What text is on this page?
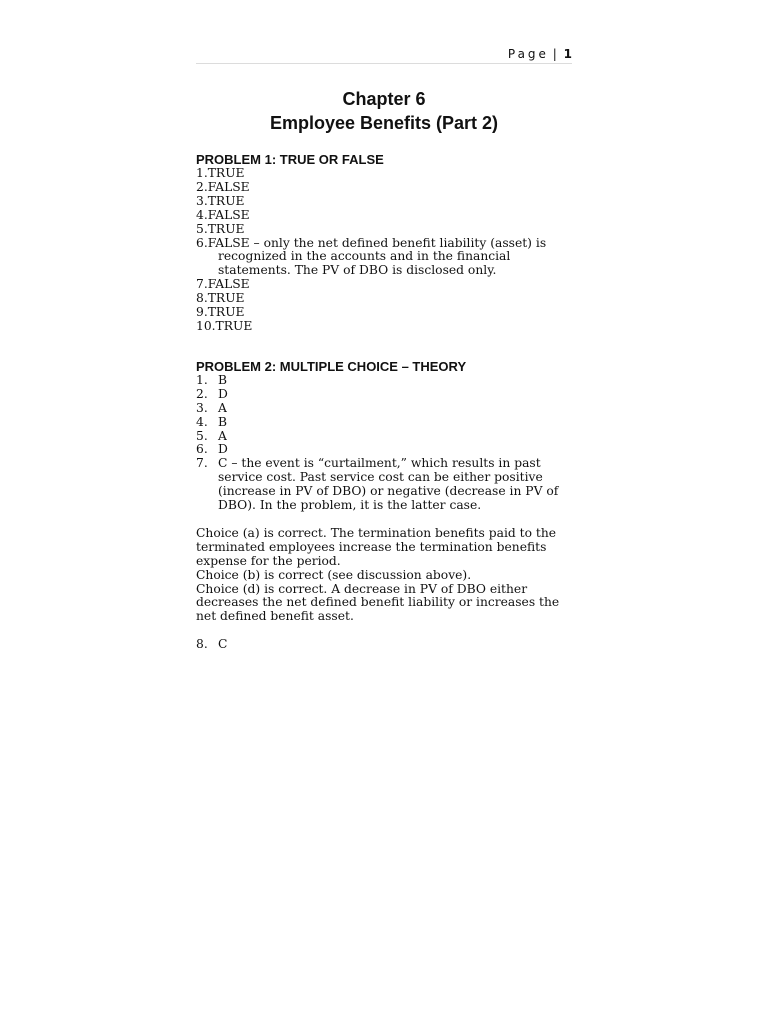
Page | 1
Chapter 6
Employee Benefits (Part 2)
PROBLEM 1: TRUE OR FALSE
1.TRUE
2.FALSE
3.TRUE
4.FALSE
5.TRUE
6.FALSE – only the net defined benefit liability (asset) is
recognized in the accounts and in the financial
statements. The PV of DBO is disclosed only.
7.FALSE
8.TRUE
9.TRUE
10.TRUE
PROBLEM 2: MULTIPLE CHOICE – THEORY
1. B
2. D
3. A
4. B
5. A
6. D
7. C – the event is “curtailment,” which results in past service cost. Past service cost can be either positive (increase in PV of DBO) or negative (decrease in PV of DBO). In the problem, it is the latter case.

Choice (a) is correct. The termination benefits paid to the terminated employees increase the termination benefits expense for the period.

Choice (b) is correct (see discussion above).

Choice (d) is correct. A decrease in PV of DBO either decreases the net defined benefit liability or increases the net defined benefit asset.

8. C
